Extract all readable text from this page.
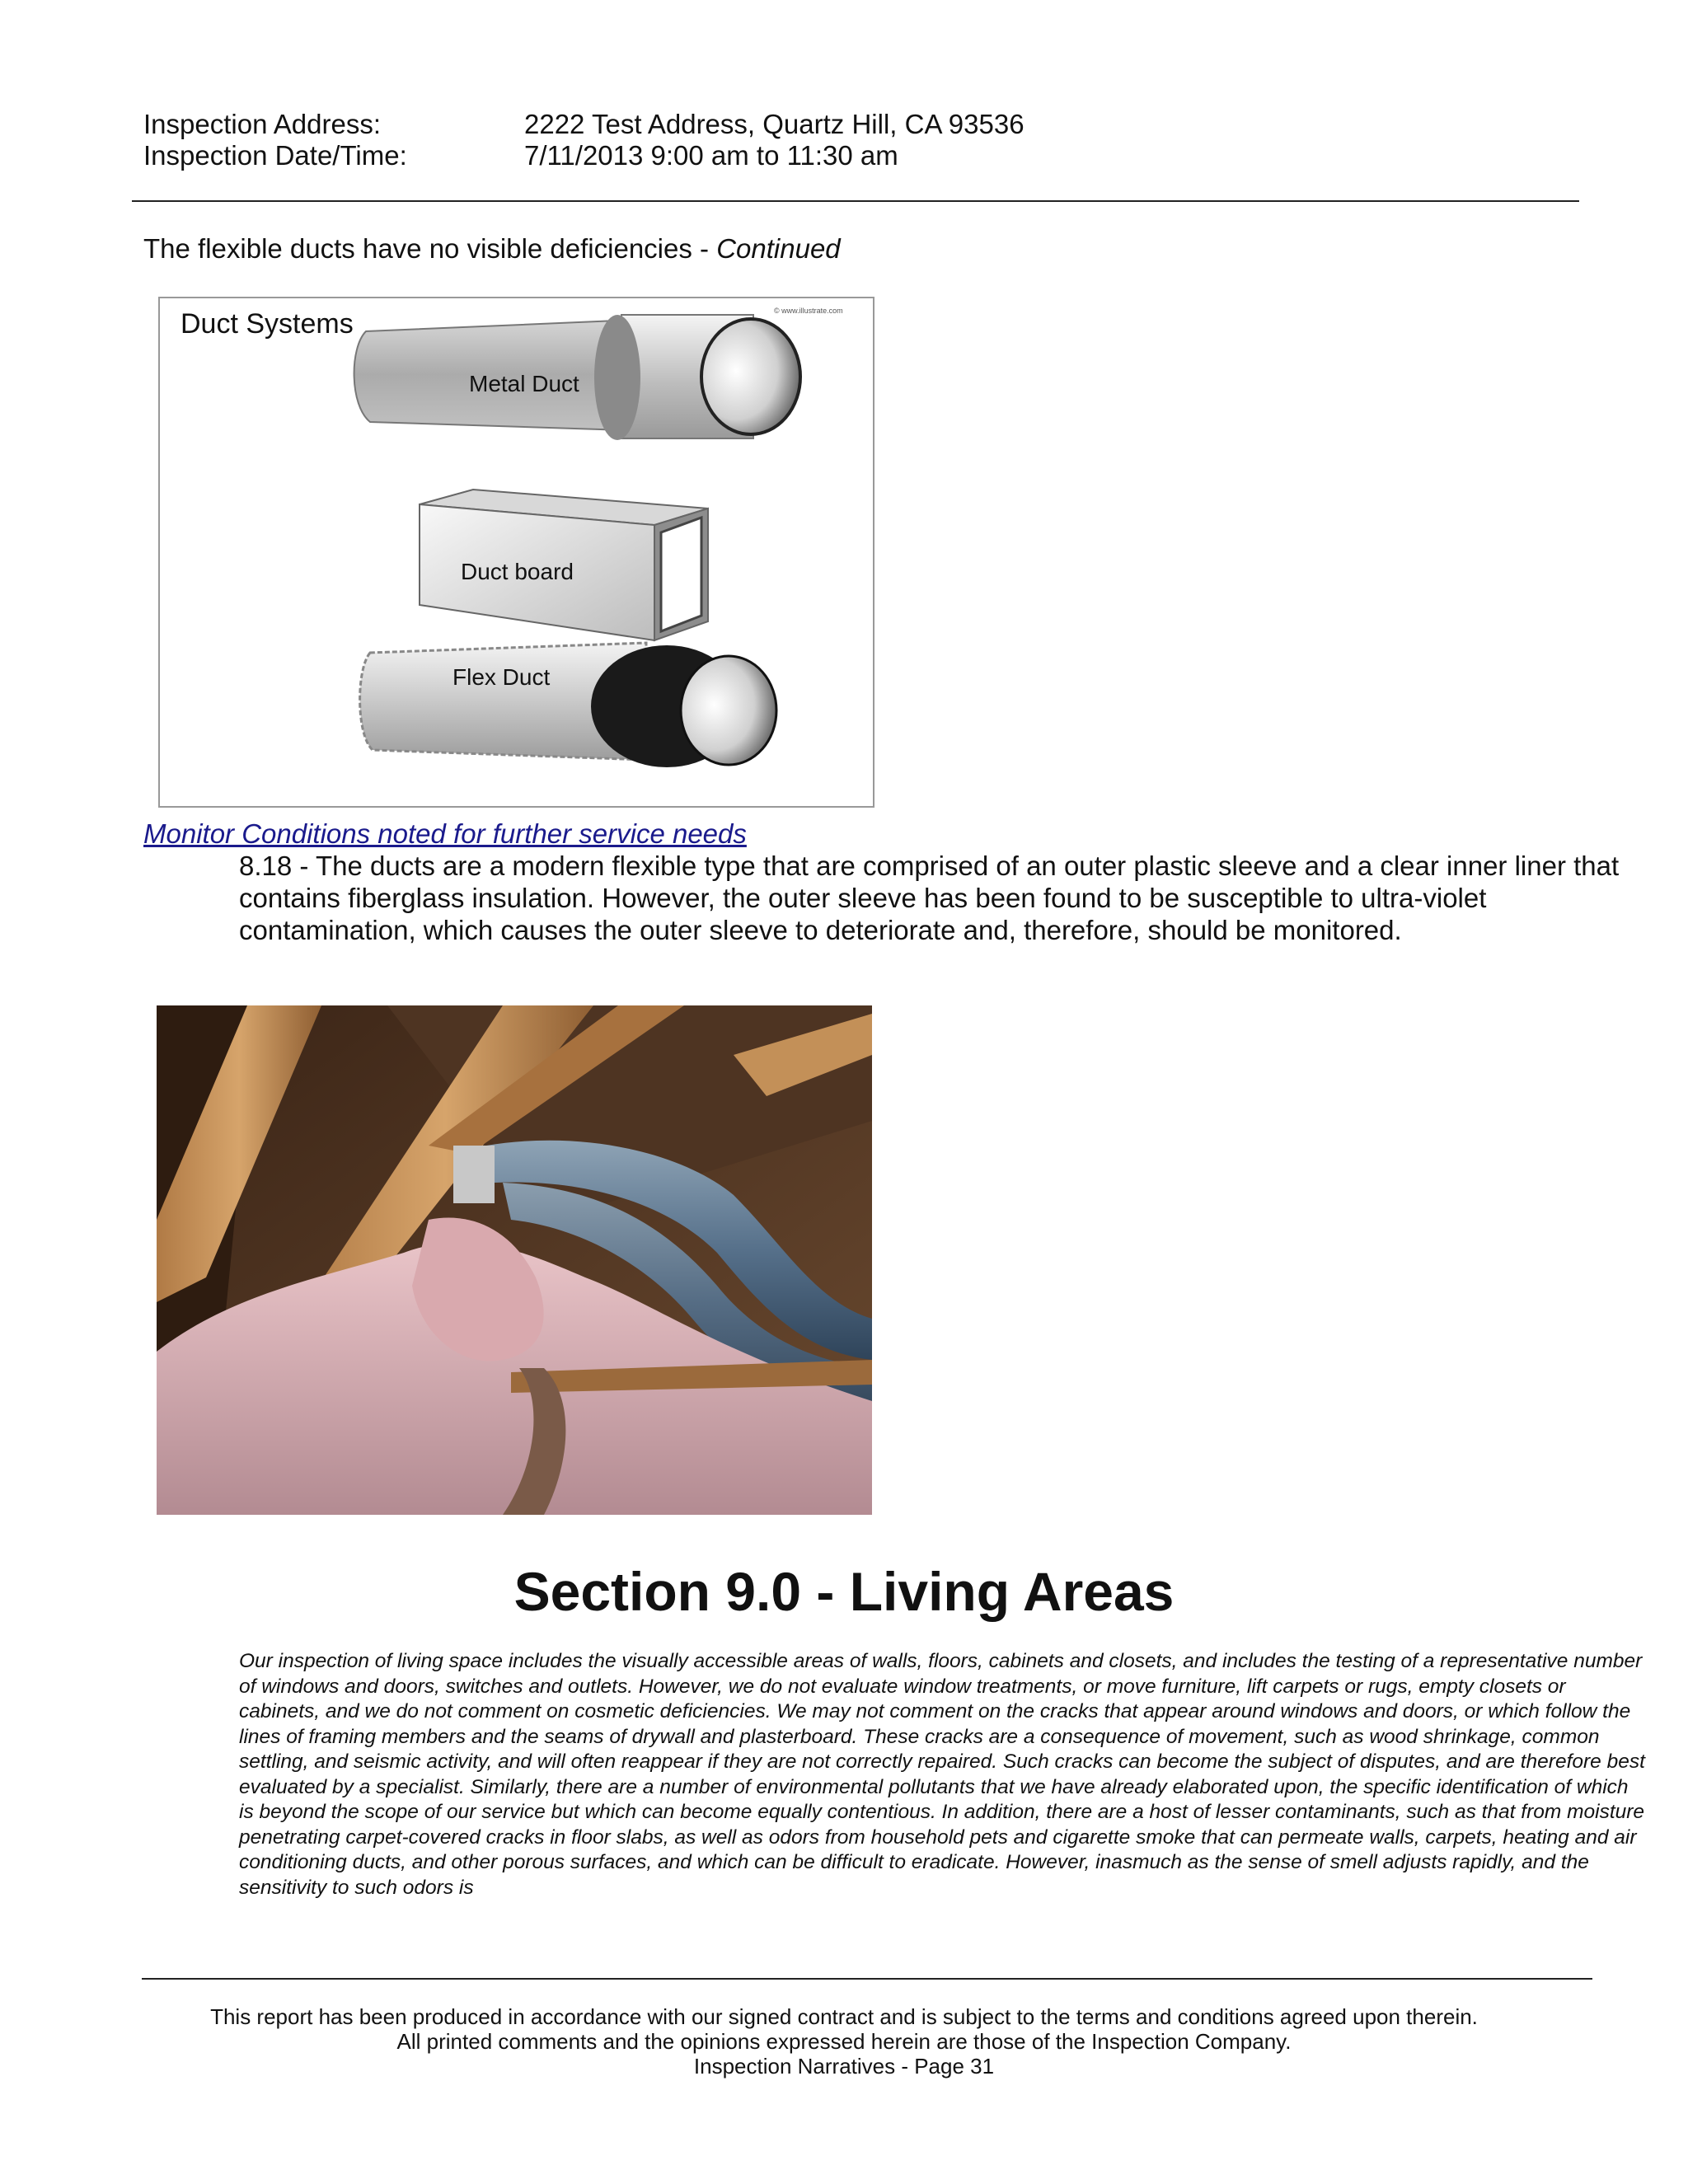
Inspection Address:	2222 Test Address, Quartz Hill, CA 93536
Inspection Date/Time:	7/11/2013 9:00 am to 11:30 am
The flexible ducts have no visible deficiencies - Continued
Duct Systems	© www.illustrate.com
Metal Duct
Duct board
Flex Duct
Monitor Conditions noted for further service needs
8.18 - The ducts are a modern flexible type that are comprised of an outer plastic sleeve and a clear inner liner that contains fiberglass insulation. However, the outer sleeve has been found to be susceptible to ultra-violet contamination, which causes the outer sleeve to deteriorate and, therefore, should be monitored.
Section 9.0 - Living Areas
Our inspection of living space includes the visually accessible areas of walls, floors, cabinets and closets, and includes the testing of a representative number of windows and doors, switches and outlets. However, we do not evaluate window treatments, or move furniture, lift carpets or rugs, empty closets or cabinets, and we do not comment on cosmetic deficiencies. We may not comment on the cracks that appear around windows and doors, or which follow the lines of framing members and the seams of drywall and plasterboard. These cracks are a consequence of movement, such as wood shrinkage, common settling, and seismic activity, and will often reappear if they are not correctly repaired. Such cracks can become the subject of disputes, and are therefore best evaluated by a specialist. Similarly, there are a number of environmental pollutants that we have already elaborated upon, the specific identification of which is beyond the scope of our service but which can become equally contentious. In addition, there are a host of lesser contaminants, such as that from moisture penetrating carpet-covered cracks in floor slabs, as well as odors from household pets and cigarette smoke that can permeate walls, carpets, heating and air conditioning ducts, and other porous surfaces, and which can be difficult to eradicate. However, inasmuch as the sense of smell adjusts rapidly, and the sensitivity to such odors is
This report has been produced in accordance with our signed contract and is subject to the terms and conditions agreed upon therein.
All printed comments and the opinions expressed herein are those of the Inspection Company.
Inspection Narratives - Page 31
